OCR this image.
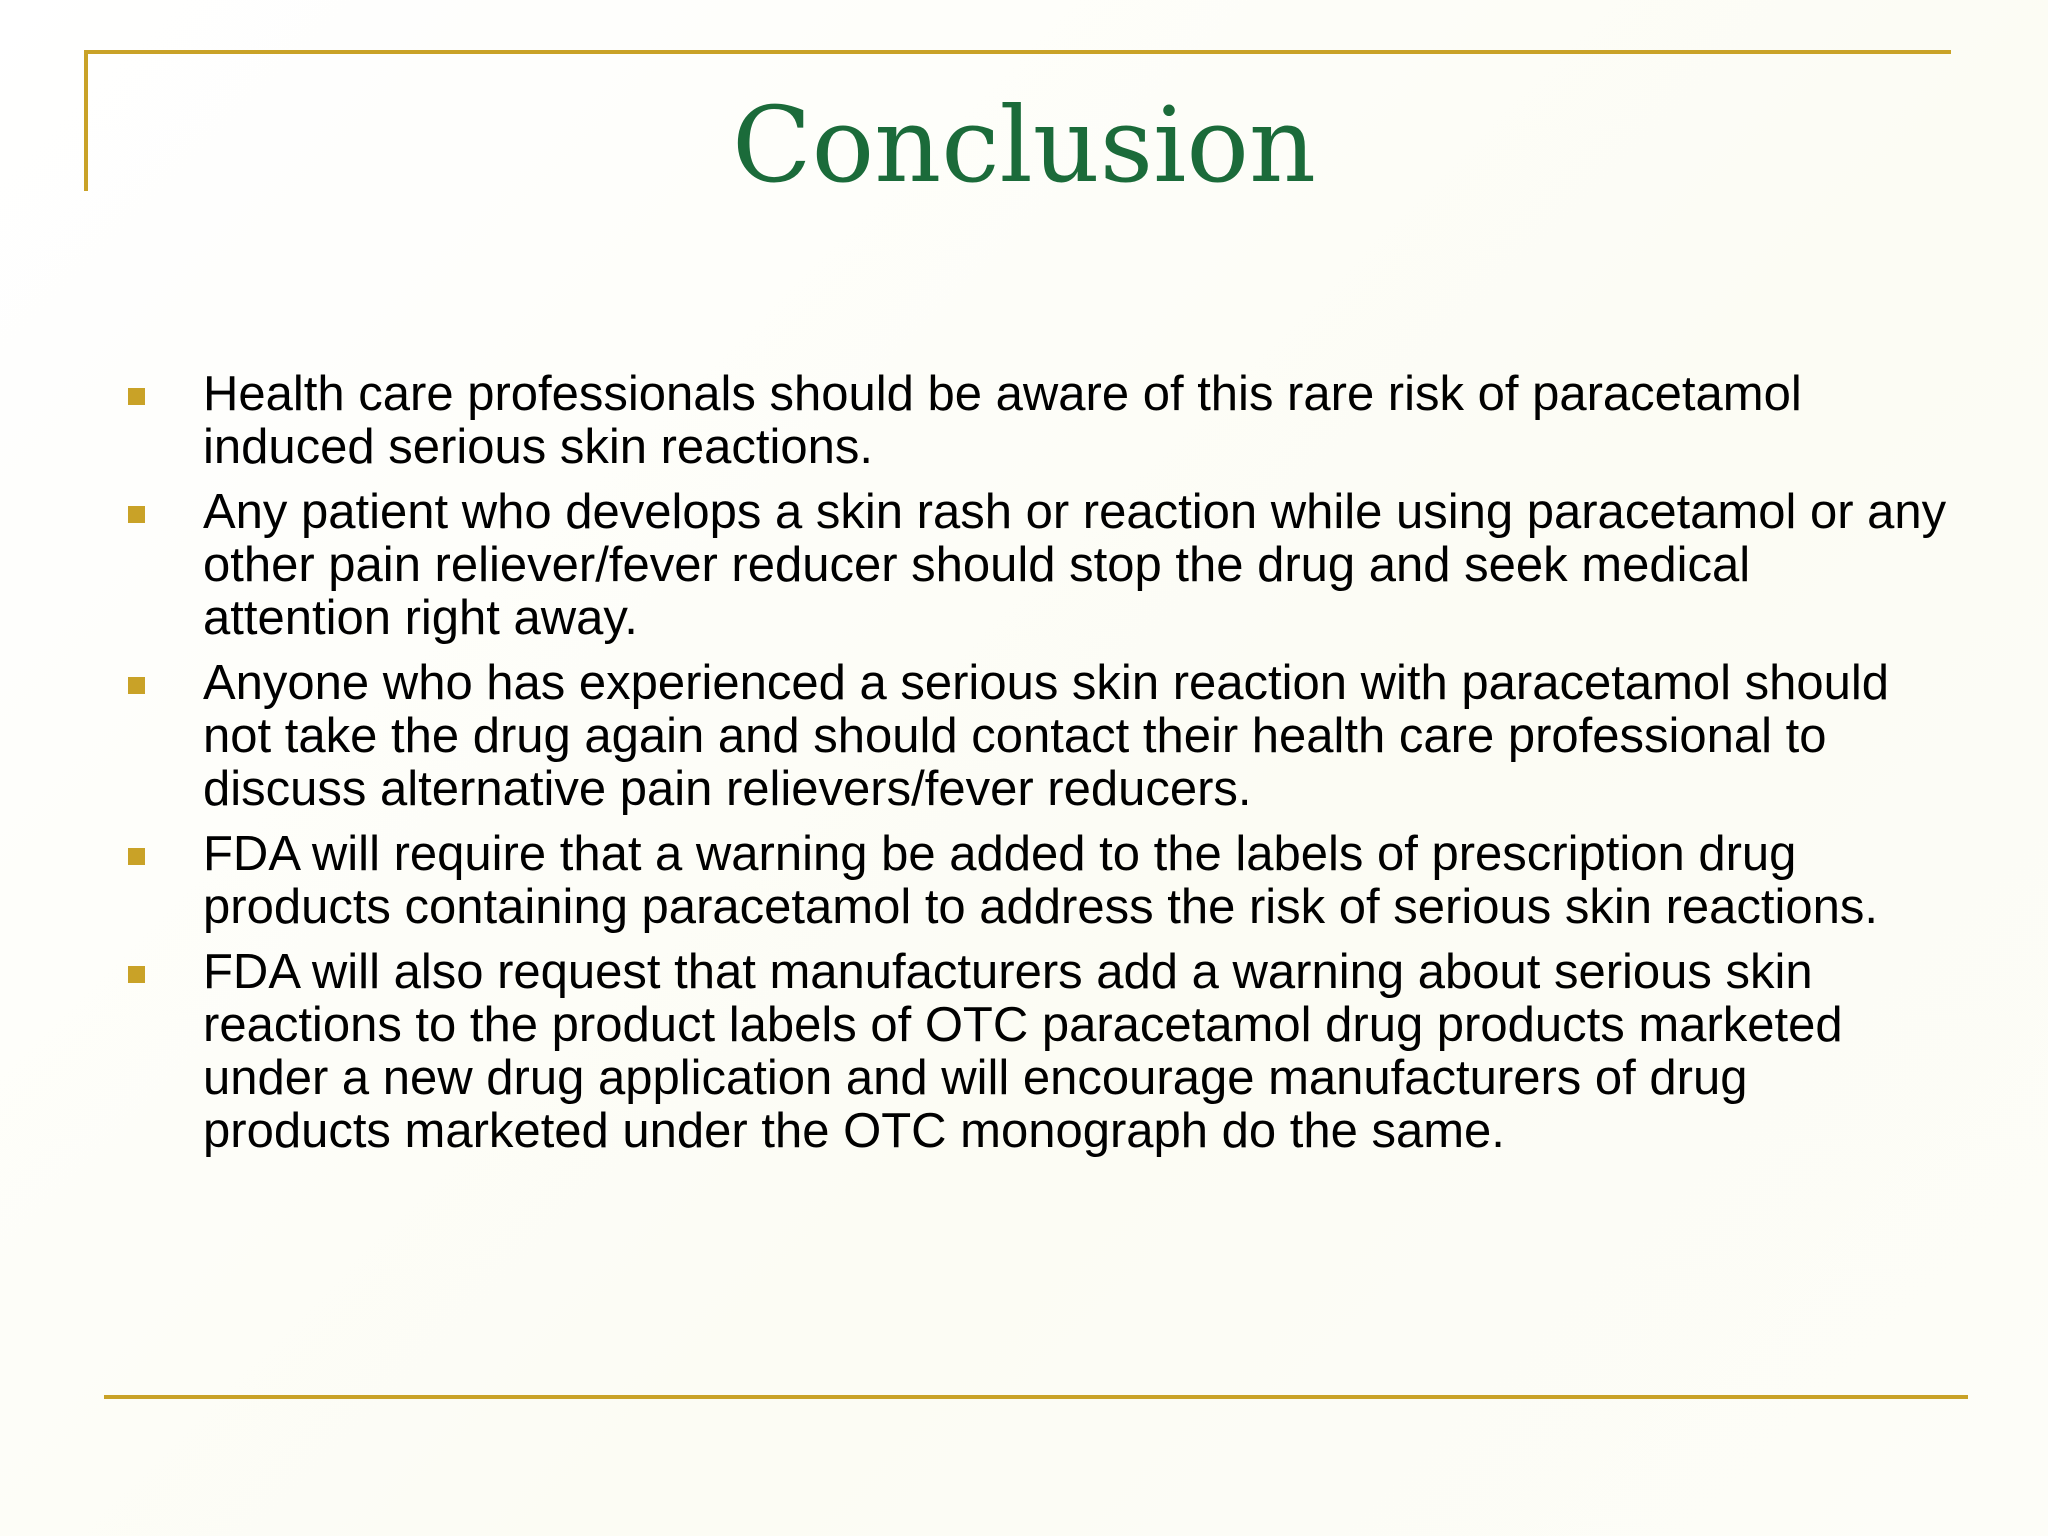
Conclusion
Health care professionals should be aware of this rare risk of paracetamol induced serious skin reactions.
Any patient who develops a skin rash or reaction while using paracetamol or any other pain reliever/fever reducer should stop the drug and seek medical attention right away.
Anyone who has experienced a serious skin reaction with paracetamol should not take the drug again and should contact their health care professional to discuss alternative pain relievers/fever reducers.
FDA will require that a warning be added to the labels of prescription drug products containing paracetamol to address the risk of serious skin reactions.
FDA will also request that manufacturers add a warning about serious skin reactions to the product labels of OTC paracetamol drug products marketed under a new drug application and will encourage manufacturers of drug products marketed under the OTC monograph do the same.
